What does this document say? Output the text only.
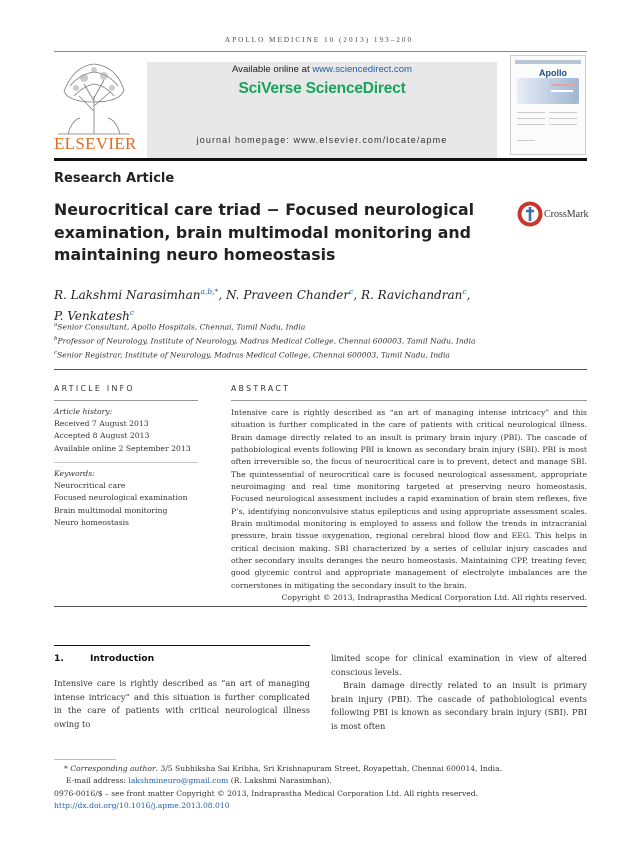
APOLLO MEDICINE 10 (2013) 193–200
ELSEVIER
Available online at www.sciencedirect.com
SciVerse ScienceDirect
journal homepage: www.elsevier.com/locate/apme
Apollo
Research Article
Neurocritical care triad − Focused neurological examination, brain multimodal monitoring and maintaining neuro homeostasis
CrossMark
R. Lakshmi Narasimhan$^{a,b,*}$, N. Praveen Chander$^c$, R. Ravichandran$^c$,
P. Venkatesh$^c$
$^a$Senior Consultant, Apollo Hospitals, Chennai, Tamil Nadu, India
$^b$Professor of Neurology, Institute of Neurology, Madras Medical College, Chennai 600003, Tamil Nadu, India
$^c$Senior Registrar, Institute of Neurology, Madras Medical College, Chennai 600003, Tamil Nadu, India
ARTICLE INFO
Article history:
Received 7 August 2013
Accepted 8 August 2013
Available online 2 September 2013
Keywords:
Neurocritical care
Focused neurological examination
Brain multimodal monitoring
Neuro homeostasis
ABSTRACT
Intensive care is rightly described as “an art of managing intense intricacy” and this situation is further complicated in the care of patients with critical neurological illness. Brain damage directly related to an insult is primary brain injury (PBI). The cascade of pathobiological events following PBI is known as secondary brain injury (SBI). PBI is most often irreversible so, the focus of neurocritical care is to prevent, detect and manage SBI. The quintessential of neurocritical care is focused neurological assessment, appropriate neuroimaging and real time monitoring targeted at preserving neuro homeostasis. Focused neurological assessment includes a rapid examination of brain stem reflexes, five P’s, identifying nonconvulsive status epilepticus and using appropriate assessment scales. Brain multimodal monitoring is employed to assess and follow the trends in intracranial pressure, brain tissue oxygenation, regional cerebral blood flow and EEG. This helps in critical decision making. SBI characterized by a series of cellular injury cascades and other secondary insults deranges the neuro homeostasis. Maintaining CPP, treating fever, good glycemic control and appropriate management of electrolyte imbalances are the cornerstones in mitigating the secondary insult to the brain.
Copyright © 2013, Indraprastha Medical Corporation Ltd. All rights reserved.
1.	Introduction

Intensive care is rightly described as “an art of managing intense intricacy” and this situation is further complicated in the care of patients with critical neurological illness owing to

limited scope for clinical examination in view of altered conscious levels.

Brain damage directly related to an insult is primary brain injury (PBI). The cascade of pathobiological events following PBI is known as secondary brain injury (SBI). PBI is most often

* Corresponding author. 3/5 Subhiksha Sai Kribha, Sri Krishnapuram Street, Royapettah, Chennai 600014, India.
E-mail address: lakshmineuro@gmail.com (R. Lakshmi Narasimhan).
0976-0016/$ – see front matter Copyright © 2013, Indraprastha Medical Corporation Ltd. All rights reserved.
http://dx.doi.org/10.1016/j.apme.2013.08.010
